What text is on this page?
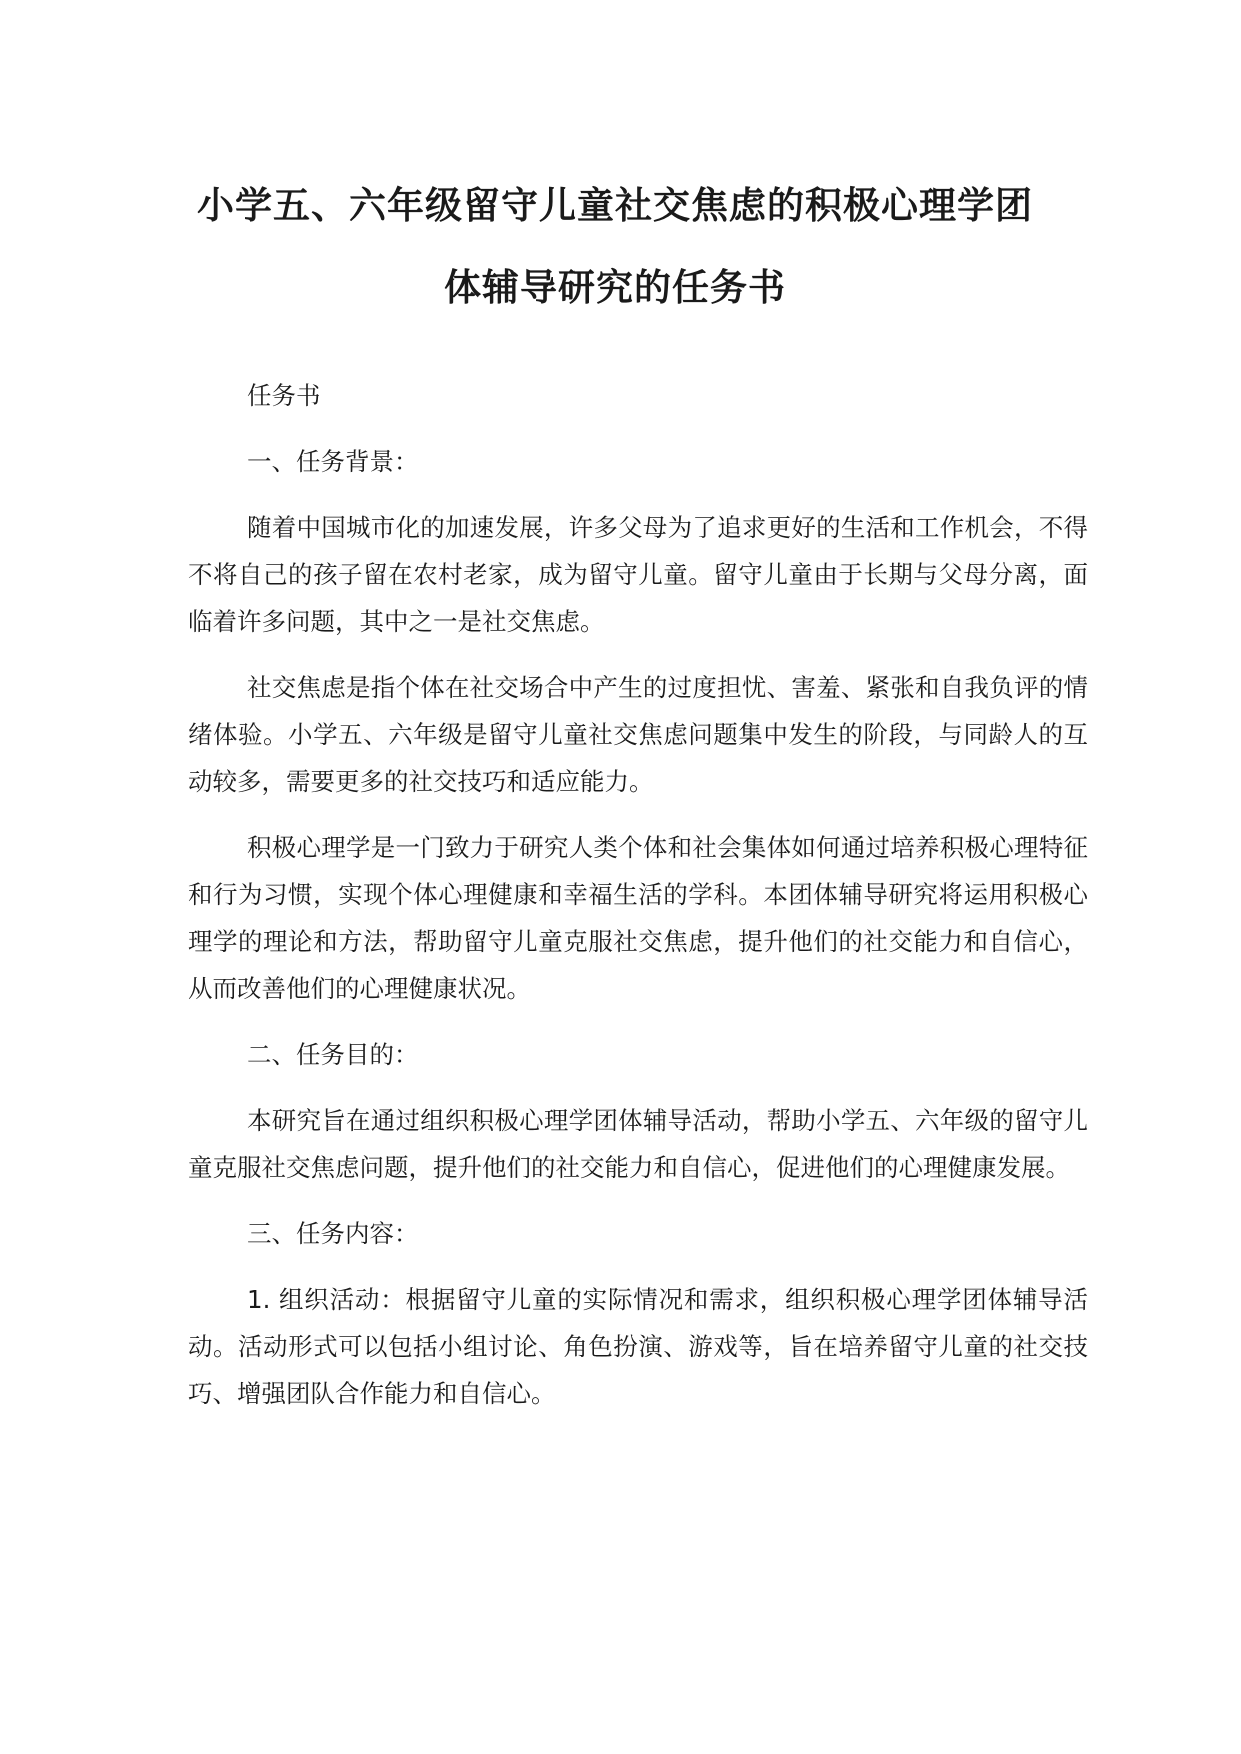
小学五、六年级留守儿童社交焦虑的积极心理学团
体辅导研究的任务书

任务书

一、任务背景：

随着中国城市化的加速发展，许多父母为了追求更好的生活和工作机会，不得不将自己的孩子留在农村老家，成为留守儿童。留守儿童由于长期与父母分离，面临着许多问题，其中之一是社交焦虑。

社交焦虑是指个体在社交场合中产生的过度担忧、害羞、紧张和自我负评的情绪体验。小学五、六年级是留守儿童社交焦虑问题集中发生的阶段，与同龄人的互动较多，需要更多的社交技巧和适应能力。

积极心理学是一门致力于研究人类个体和社会集体如何通过培养积极心理特征和行为习惯，实现个体心理健康和幸福生活的学科。本团体辅导研究将运用积极心理学的理论和方法，帮助留守儿童克服社交焦虑，提升他们的社交能力和自信心，从而改善他们的心理健康状况。

二、任务目的：

本研究旨在通过组织积极心理学团体辅导活动，帮助小学五、六年级的留守儿童克服社交焦虑问题，提升他们的社交能力和自信心，促进他们的心理健康发展。

三、任务内容：

1. 组织活动：根据留守儿童的实际情况和需求，组织积极心理学团体辅导活动。活动形式可以包括小组讨论、角色扮演、游戏等，旨在培养留守儿童的社交技巧、增强团队合作能力和自信心。
